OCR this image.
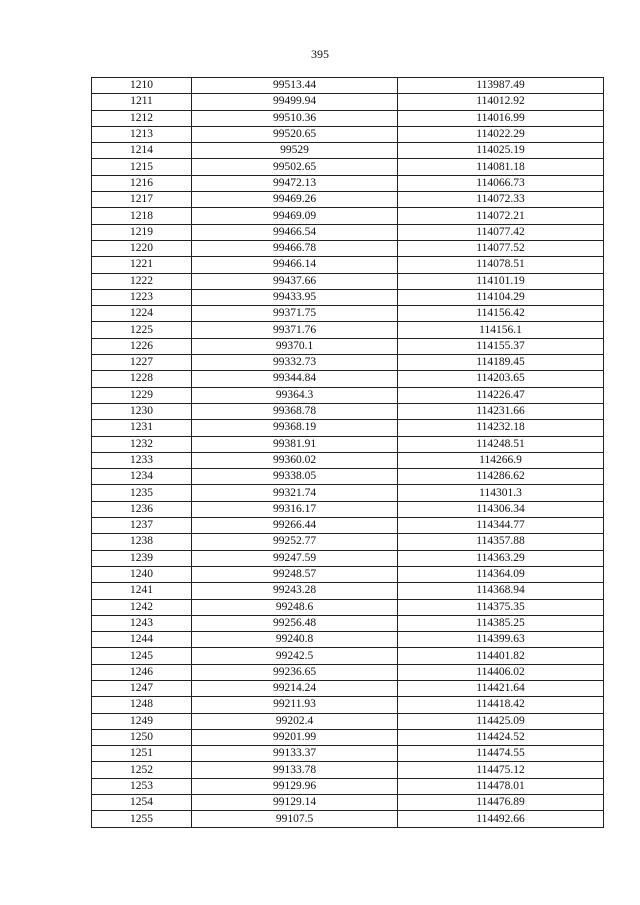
395
1210	99513.44	113987.49
1211	99499.94	114012.92
1212	99510.36	114016.99
1213	99520.65	114022.29
1214	99529	114025.19
1215	99502.65	114081.18
1216	99472.13	114066.73
1217	99469.26	114072.33
1218	99469.09	114072.21
1219	99466.54	114077.42
1220	99466.78	114077.52
1221	99466.14	114078.51
1222	99437.66	114101.19
1223	99433.95	114104.29
1224	99371.75	114156.42
1225	99371.76	114156.1
1226	99370.1	114155.37
1227	99332.73	114189.45
1228	99344.84	114203.65
1229	99364.3	114226.47
1230	99368.78	114231.66
1231	99368.19	114232.18
1232	99381.91	114248.51
1233	99360.02	114266.9
1234	99338.05	114286.62
1235	99321.74	114301.3
1236	99316.17	114306.34
1237	99266.44	114344.77
1238	99252.77	114357.88
1239	99247.59	114363.29
1240	99248.57	114364.09
1241	99243.28	114368.94
1242	99248.6	114375.35
1243	99256.48	114385.25
1244	99240.8	114399.63
1245	99242.5	114401.82
1246	99236.65	114406.02
1247	99214.24	114421.64
1248	99211.93	114418.42
1249	99202.4	114425.09
1250	99201.99	114424.52
1251	99133.37	114474.55
1252	99133.78	114475.12
1253	99129.96	114478.01
1254	99129.14	114476.89
1255	99107.5	114492.66
